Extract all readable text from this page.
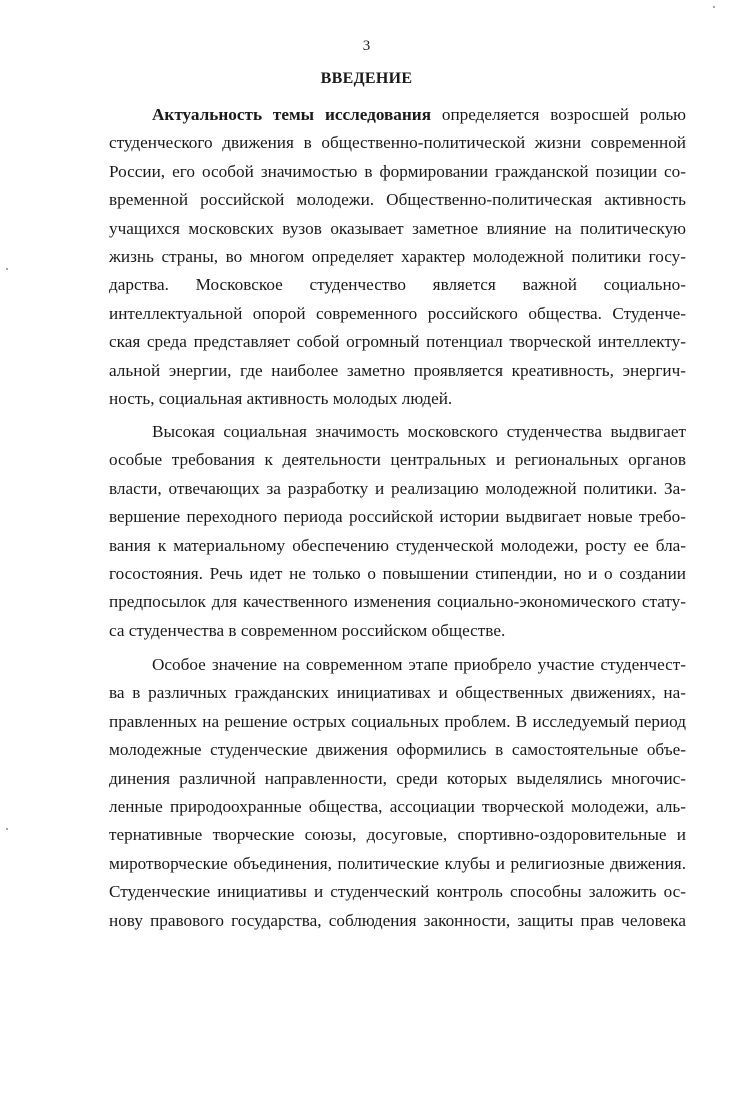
3
ВВЕДЕНИЕ
Актуальность темы исследования определяется возросшей ролью
студенческого движения в общественно-политической жизни современной
России, его особой значимостью в формировании гражданской позиции со-
временной российской молодежи. Общественно-политическая активность
учащихся московских вузов оказывает заметное влияние на политическую
жизнь страны, во многом определяет характер молодежной политики госу-
дарства. Московское студенчество является важной социально-
интеллектуальной опорой современного российского общества. Студенче-
ская среда представляет собой огромный потенциал творческой интеллекту-
альной энергии, где наиболее заметно проявляется креативность, энергич-
ность, социальная активность молодых людей.
Высокая социальная значимость московского студенчества выдвигает
особые требования к деятельности центральных и региональных органов
власти, отвечающих за разработку и реализацию молодежной политики. За-
вершение переходного периода российской истории выдвигает новые требо-
вания к материальному обеспечению студенческой молодежи, росту ее бла-
госостояния. Речь идет не только о повышении стипендии, но и о создании
предпосылок для качественного изменения социально-экономического стату-
са студенчества в современном российском обществе.
Особое значение на современном этапе приобрело участие студенчест-
ва в различных гражданских инициативах и общественных движениях, на-
правленных на решение острых социальных проблем. В исследуемый период
молодежные студенческие движения оформились в самостоятельные объе-
динения различной направленности, среди которых выделялись многочис-
ленные природоохранные общества, ассоциации творческой молодежи, аль-
тернативные творческие союзы, досуговые, спортивно-оздоровительные и
миротворческие объединения, политические клубы и религиозные движения.
Студенческие инициативы и студенческий контроль способны заложить ос-
нову правового государства, соблюдения законности, защиты прав человека
